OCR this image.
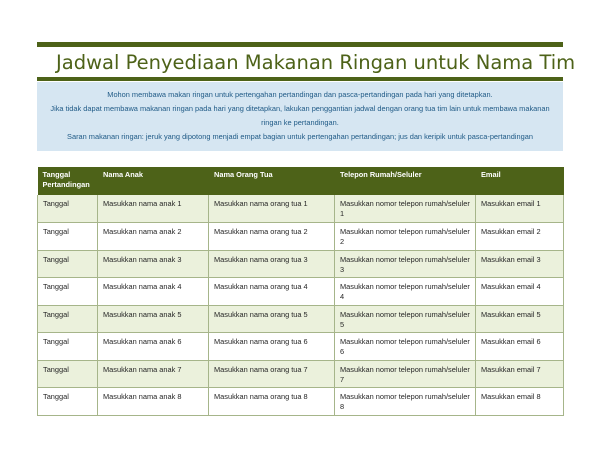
Jadwal Penyediaan Makanan Ringan untuk Nama Tim

Mohon membawa makan ringan untuk pertengahan pertandingan dan pasca-pertandingan pada hari yang ditetapkan.

Jika tidak dapat membawa makanan ringan pada hari yang ditetapkan, lakukan penggantian jadwal dengan orang tua tim lain untuk membawa makanan ringan ke pertandingan.

Saran makanan ringan: jeruk yang dipotong menjadi empat bagian untuk pertengahan pertandingan; jus dan keripik untuk pasca-pertandingan

Tanggal Pertandingan	Nama Anak	Nama Orang Tua	Telepon Rumah/Seluler	Email
Tanggal	Masukkan nama anak 1	Masukkan nama orang tua 1	Masukkan nomor telepon rumah/seluler 1	Masukkan email 1
Tanggal	Masukkan nama anak 2	Masukkan nama orang tua 2	Masukkan nomor telepon rumah/seluler 2	Masukkan email 2
Tanggal	Masukkan nama anak 3	Masukkan nama orang tua 3	Masukkan nomor telepon rumah/seluler 3	Masukkan email 3
Tanggal	Masukkan nama anak 4	Masukkan nama orang tua 4	Masukkan nomor telepon rumah/seluler 4	Masukkan email 4
Tanggal	Masukkan nama anak 5	Masukkan nama orang tua 5	Masukkan nomor telepon rumah/seluler 5	Masukkan email 5
Tanggal	Masukkan nama anak 6	Masukkan nama orang tua 6	Masukkan nomor telepon rumah/seluler 6	Masukkan email 6
Tanggal	Masukkan nama anak 7	Masukkan nama orang tua 7	Masukkan nomor telepon rumah/seluler 7	Masukkan email 7
Tanggal	Masukkan nama anak 8	Masukkan nama orang tua 8	Masukkan nomor telepon rumah/seluler 8	Masukkan email 8
